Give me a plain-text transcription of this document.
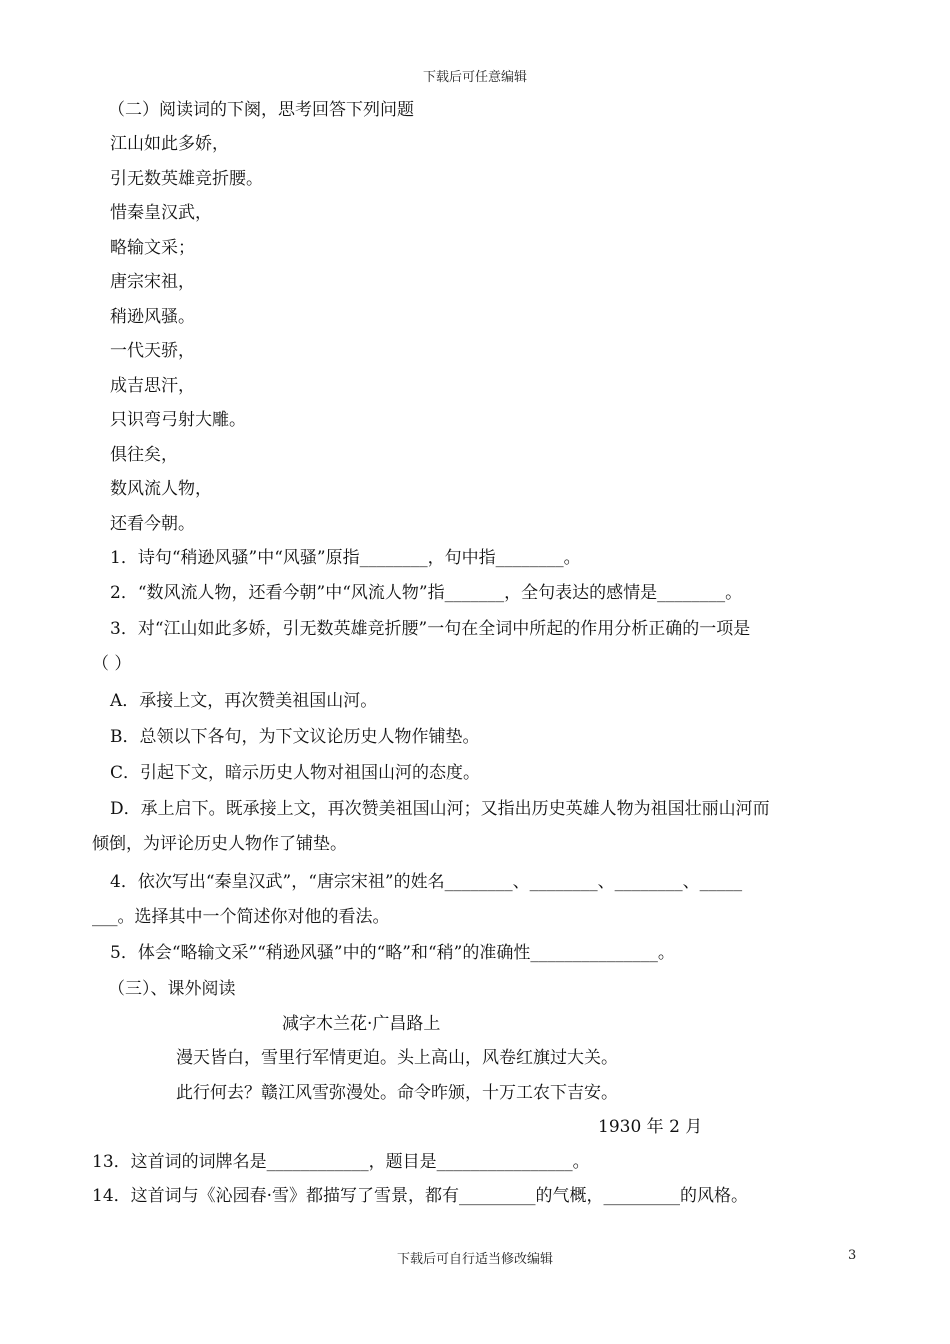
下载后可任意编辑
（二）阅读词的下阕，思考回答下列问题
江山如此多娇，
引无数英雄竞折腰。
惜秦皇汉武，
略输文采；
唐宗宋祖，
稍逊风骚。
一代天骄，
成吉思汗，
只识弯弓射大雕。
俱往矣，
数风流人物，
还看今朝。
1．诗句“稍逊风骚”中“风骚”原指________，句中指________。
2．“数风流人物，还看今朝”中“风流人物”指_______，全句表达的感情是________。
3．对“江山如此多娇，引无数英雄竞折腰”一句在全词中所起的作用分析正确的一项是
（ ）
A．承接上文，再次赞美祖国山河。
B．总领以下各句，为下文议论历史人物作铺垫。
C．引起下文，暗示历史人物对祖国山河的态度。
D．承上启下。既承接上文，再次赞美祖国山河；又指出历史英雄人物为祖国壮丽山河而
倾倒，为评论历史人物作了铺垫。
4．依次写出“秦皇汉武”，“唐宗宋祖”的姓名________、________、________、_____
___。选择其中一个简述你对他的看法。
5．体会“略输文采”“稍逊风骚”中的“略”和“稍”的准确性_______________。
（三）、课外阅读
减字木兰花·广昌路上
漫天皆白，雪里行军情更迫。头上高山，风卷红旗过大关。
此行何去？赣江风雪弥漫处。命令昨颁，十万工农下吉安。
1930 年 2 月
13．这首词的词牌名是____________，题目是________________。
14．这首词与《沁园春·雪》都描写了雪景，都有_________的气概，_________的风格。
下载后可自行适当修改编辑	3
